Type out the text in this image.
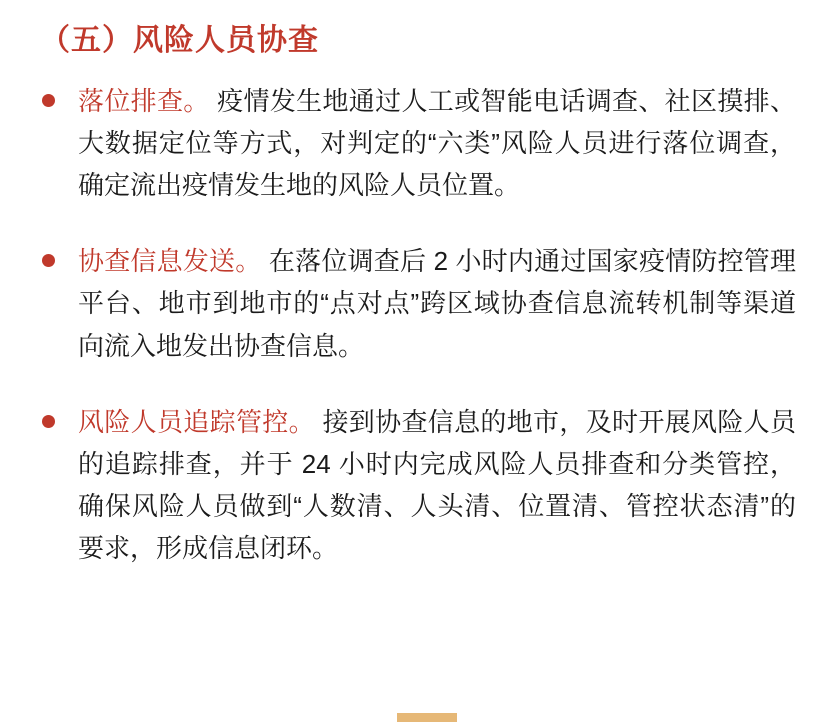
（五）风险人员协查
落位排查。 疫情发生地通过人工或智能电话调查、社区摸排、大数据定位等方式，对判定的“六类”风险人员进行落位调查，确定流出疫情发生地的风险人员位置。
协查信息发送。 在落位调查后 2 小时内通过国家疫情防控管理平台、地市到地市的“点对点”跨区域协查信息流转机制等渠道向流入地发出协查信息。
风险人员追踪管控。 接到协查信息的地市，及时开展风险人员的追踪排查，并于 24 小时内完成风险人员排查和分类管控，确保风险人员做到“人数清、人头清、位置清、管控状态清”的要求，形成信息闭环。
